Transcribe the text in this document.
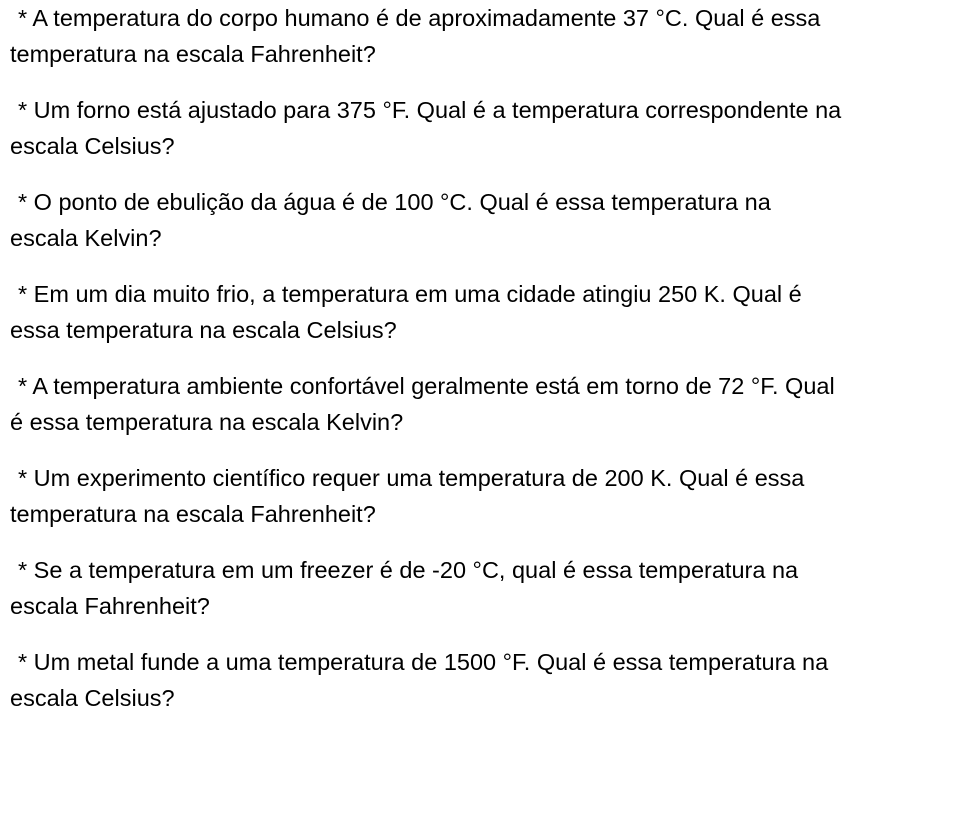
* A temperatura do corpo humano é de aproximadamente 37 °C. Qual é essa
temperatura na escala Fahrenheit?
* Um forno está ajustado para 375 °F. Qual é a temperatura correspondente na
escala Celsius?
* O ponto de ebulição da água é de 100 °C. Qual é essa temperatura na
escala Kelvin?
* Em um dia muito frio, a temperatura em uma cidade atingiu 250 K. Qual é
essa temperatura na escala Celsius?
* A temperatura ambiente confortável geralmente está em torno de 72 °F. Qual
é essa temperatura na escala Kelvin?
* Um experimento científico requer uma temperatura de 200 K. Qual é essa
temperatura na escala Fahrenheit?
* Se a temperatura em um freezer é de -20 °C, qual é essa temperatura na
escala Fahrenheit?
* Um metal funde a uma temperatura de 1500 °F. Qual é essa temperatura na
escala Celsius?
